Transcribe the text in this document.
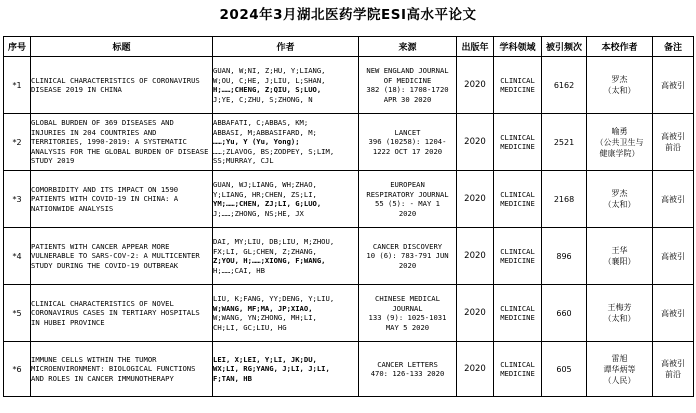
2024年3月湖北医药学院ESI高水平论文
序号	标题	作者	来源	出版年	学科领域	被引频次	本校作者	备注
*1	CLINICAL CHARACTERISTICS OF CORONAVIRUS DISEASE 2019 IN CHINA	GUAN, W;NI, Z;HU, Y;LIANG,
W;OU, C;HE, J;LIU, L;SHAN,
H;……;CHENG, Z;QIU, S;LUO,
J;YE, C;ZHU, S;ZHONG, N	NEW ENGLAND JOURNAL
OF MEDICINE
382 (18): 1708-1720
APR 30 2020	2020	CLINICAL
MEDICINE	6162	罗杰
（太和）	高被引

*2	GLOBAL BURDEN OF 369 DISEASES AND INJURIES IN 204 COUNTRIES AND TERRITORIES, 1990-2019: A SYSTEMATIC ANALYSIS FOR THE GLOBAL BURDEN OF DISEASE STUDY 2019	ABBAFATI, C;ABBAS, KM;
ABBASI, M;ABBASIFARD, M;
……;Yu, Y (Yu, Yong);
……;ZLAVOG, BS;ZODPEY, S;LIM,
SS;MURRAY, CJL	LANCET
396 (10258): 1204-
1222 OCT 17 2020	2020	CLINICAL
MEDICINE	2521	喻勇
（公共卫生与
健康学院）	高被引
前沿

*3	COMORBIDITY AND ITS IMPACT ON 1590 PATIENTS WITH COVID-19 IN CHINA: A NATIONWIDE ANALYSIS	GUAN, WJ;LIANG, WH;ZHAO,
Y;LIANG, HR;CHEN, ZS;LI,
YM;……;CHEN, ZJ;LI, G;LUO,
J;……;ZHONG, NS;HE, JX	EUROPEAN
RESPIRATORY JOURNAL
55 (5): - MAY 1
2020	2020	CLINICAL
MEDICINE	2168	罗杰
（太和）	高被引

*4	PATIENTS WITH CANCER APPEAR MORE VULNERABLE TO SARS-COV-2: A MULTICENTER STUDY DURING THE COVID-19 OUTBREAK	DAI, MY;LIU, DB;LIU, M;ZHOU,
FX;LI, GL;CHEN, Z;ZHANG,
Z;YOU, H;……;XIONG, F;WANG,
H;……;CAI, HB	CANCER DISCOVERY
10 (6): 783-791 JUN
2020	2020	CLINICAL
MEDICINE	896	王华
（襄阳）	高被引

*5	CLINICAL CHARACTERISTICS OF NOVEL CORONAVIRUS CASES IN TERTIARY HOSPITALS IN HUBEI PROVINCE	LIU, K;FANG, YY;DENG, Y;LIU,
W;WANG, MF;MA, JP;XIAO,
W;WANG, YN;ZHONG, MH;LI,
CH;LI, GC;LIU, HG	CHINESE MEDICAL
JOURNAL
133 (9): 1025-1031
MAY 5 2020	2020	CLINICAL
MEDICINE	660	王梅芳
（太和）	高被引

*6	IMMUNE CELLS WITHIN THE TUMOR MICROENVIRONMENT: BIOLOGICAL FUNCTIONS AND ROLES IN CANCER IMMUNOTHERAPY	LEI, X;LEI, Y;LI, JK;DU,
WX;LI, RG;YANG, J;LI, J;LI,
F;TAN, HB	CANCER LETTERS
470: 126-133 2020	2020	CLINICAL
MEDICINE	605	雷旭
谭华炳等
（人民）	高被引
前沿
